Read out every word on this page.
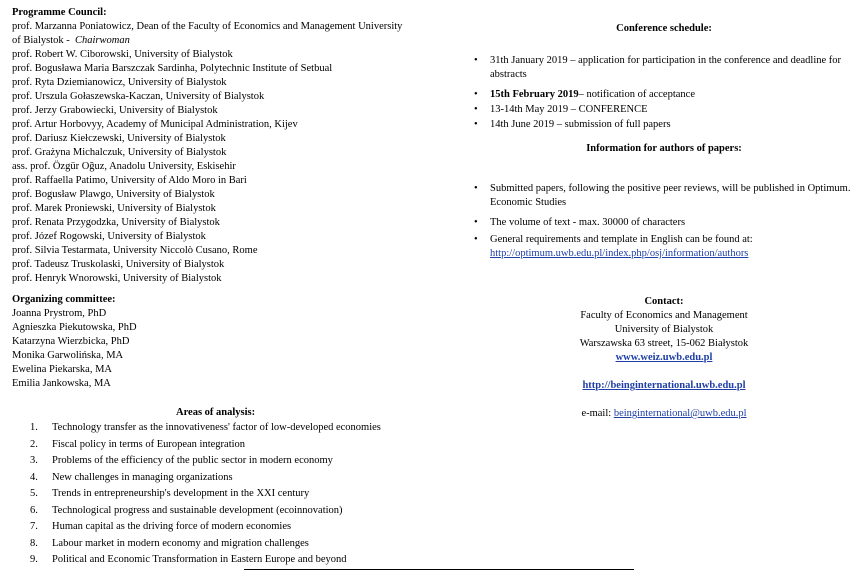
Programme Council:
prof. Marzanna Poniatowicz, Dean of the Faculty of Economics and Management University
of Bialystok - Chairwoman
prof. Robert W. Ciborowski, University of Bialystok
prof. Bogusława Maria Barszczak Sardinha, Polytechnic Institute of Setbual
prof. Ryta Dziemianowicz, University of Bialystok
prof. Urszula Gołaszewska-Kaczan, University of Bialystok
prof. Jerzy Grabowiecki, University of Bialystok
prof. Artur Horbovyy, Academy of Municipal Administration, Kijev
prof. Dariusz Kiełczewski, University of Bialystok
prof. Grażyna Michalczuk, University of Bialystok
ass. prof. Özgür Oğuz, Anadolu University, Eskisehir
prof. Raffaella Patimo, University of Aldo Moro in Bari
prof. Bogusław Plawgo, University of Bialystok
prof. Marek Proniewski, University of Bialystok
prof. Renata Przygodzka, University of Bialystok
prof. Józef Rogowski, University of Bialystok
prof. Silvia Testarmata, University Niccolò Cusano, Rome
prof. Tadeusz Truskolaski, University of Bialystok
prof. Henryk Wnorowski, University of Bialystok
Organizing committee:
Joanna Prystrom, PhD
Agnieszka Piekutowska, PhD
Katarzyna Wierzbicka, PhD
Monika Garwolińska, MA
Ewelina Piekarska, MA
Emilia Jankowska, MA
Areas of analysis:
1. Technology transfer as the innovativeness' factor of low-developed economies
2. Fiscal policy in terms of European integration
3. Problems of the efficiency of the public sector in modern economy
4. New challenges in managing organizations
5. Trends in entrepreneurship's development in the XXI century
6. Technological progress and sustainable development (ecoinnovation)
7. Human capital as the driving force of modern economies
8. Labour market in modern economy and migration challenges
9. Political and Economic Transformation in Eastern Europe and beyond
Conference schedule:
• 31th January 2019 – application for participation in the conference and deadline for abstracts
• 15th February 2019– notification of acceptance
• 13-14th May 2019 – CONFERENCE
• 14th June 2019 – submission of full papers
Information for authors of papers:
• Submitted papers, following the positive peer reviews, will be published in Optimum. Economic Studies
• The volume of text - max. 30000 of characters
• General requirements and template in English can be found at:
http://optimum.uwb.edu.pl/index.php/osj/information/authors
Contact:
Faculty of Economics and Management
University of Bialystok
Warszawska 63 street, 15-062 Białystok
www.weiz.uwb.edu.pl
http://beinginternational.uwb.edu.pl
e-mail: beinginternational@uwb.edu.pl
